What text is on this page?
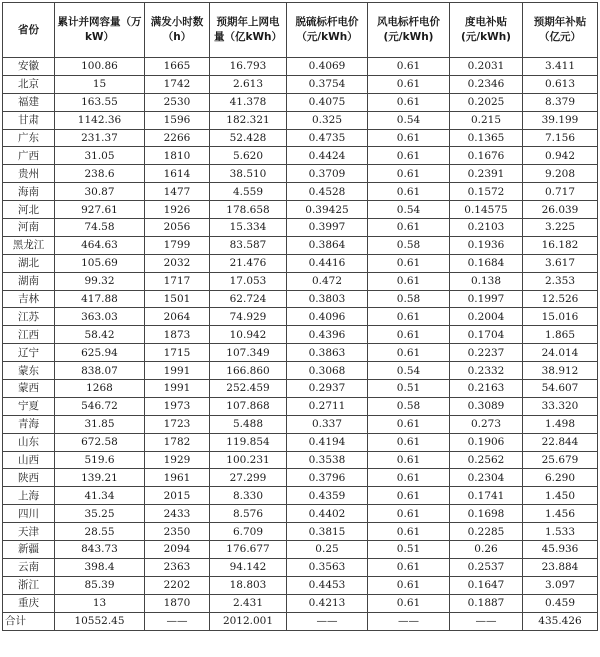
省份	累计并网容量（万kW）	满发小时数（h）	预期年上网电量（亿kWh）	脱硫标杆电价（元/kWh）	风电标杆电价(元/kWh)	度电补贴(元/kWh)	预期年补贴（亿元）
安徽	100.86	1665	16.793	0.4069	0.61	0.2031	3.411
北京	15	1742	2.613	0.3754	0.61	0.2346	0.613
福建	163.55	2530	41.378	0.4075	0.61	0.2025	8.379
甘肃	1142.36	1596	182.321	0.325	0.54	0.215	39.199
广东	231.37	2266	52.428	0.4735	0.61	0.1365	7.156
广西	31.05	1810	5.620	0.4424	0.61	0.1676	0.942
贵州	238.6	1614	38.510	0.3709	0.61	0.2391	9.208
海南	30.87	1477	4.559	0.4528	0.61	0.1572	0.717
河北	927.61	1926	178.658	0.39425	0.54	0.14575	26.039
河南	74.58	2056	15.334	0.3997	0.61	0.2103	3.225
黑龙江	464.63	1799	83.587	0.3864	0.58	0.1936	16.182
湖北	105.69	2032	21.476	0.4416	0.61	0.1684	3.617
湖南	99.32	1717	17.053	0.472	0.61	0.138	2.353
吉林	417.88	1501	62.724	0.3803	0.58	0.1997	12.526
江苏	363.03	2064	74.929	0.4096	0.61	0.2004	15.016
江西	58.42	1873	10.942	0.4396	0.61	0.1704	1.865
辽宁	625.94	1715	107.349	0.3863	0.61	0.2237	24.014
蒙东	838.07	1991	166.860	0.3068	0.54	0.2332	38.912
蒙西	1268	1991	252.459	0.2937	0.51	0.2163	54.607
宁夏	546.72	1973	107.868	0.2711	0.58	0.3089	33.320
青海	31.85	1723	5.488	0.337	0.61	0.273	1.498
山东	672.58	1782	119.854	0.4194	0.61	0.1906	22.844
山西	519.6	1929	100.231	0.3538	0.61	0.2562	25.679
陕西	139.21	1961	27.299	0.3796	0.61	0.2304	6.290
上海	41.34	2015	8.330	0.4359	0.61	0.1741	1.450
四川	35.25	2433	8.576	0.4402	0.61	0.1698	1.456
天津	28.55	2350	6.709	0.3815	0.61	0.2285	1.533
新疆	843.73	2094	176.677	0.25	0.51	0.26	45.936
云南	398.4	2363	94.142	0.3563	0.61	0.2537	23.884
浙江	85.39	2202	18.803	0.4453	0.61	0.1647	3.097
重庆	13	1870	2.431	0.4213	0.61	0.1887	0.459
合计	10552.45	——	2012.001	——	——	——	435.426
